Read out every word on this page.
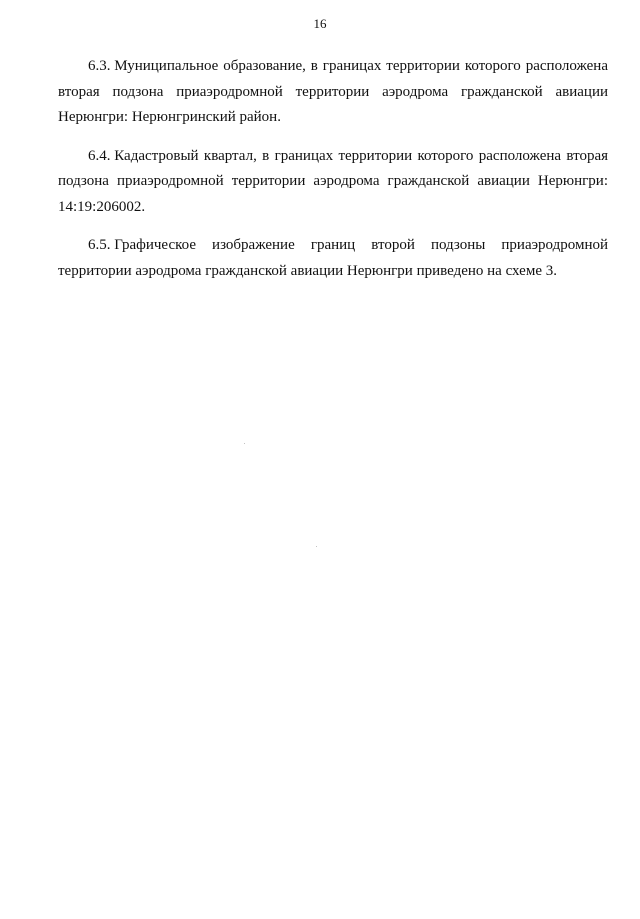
16

6.3. Муниципальное образование, в границах территории которого расположена вторая подзона приаэродромной территории аэродрома гражданской авиации Нерюнгри: Нерюнгринский район.

6.4. Кадастровый квартал, в границах территории которого расположена вторая подзона приаэродромной территории аэродрома гражданской авиации Нерюнгри: 14:19:206002.

6.5. Графическое изображение границ второй подзоны приаэродромной территории аэродрома гражданской авиации Нерюнгри приведено на схеме 3.
